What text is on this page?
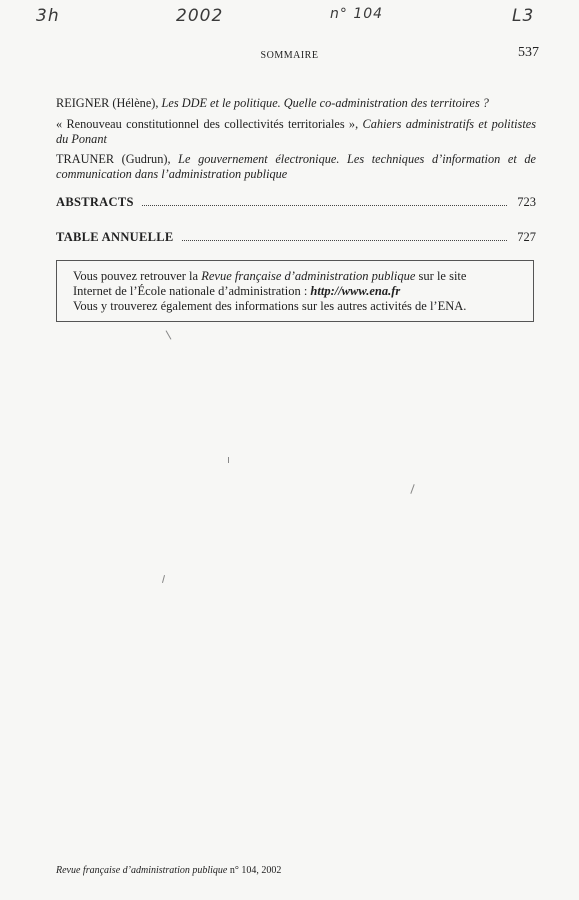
3h	2002	n° 104	L3
SOMMAIRE	537
REIGNER (Hélène), Les DDE et le politique. Quelle co-administration des territoires ?
« Renouveau constitutionnel des collectivités territoriales », Cahiers administratifs et politistes du Ponant
TRAUNER (Gudrun), Le gouvernement électronique. Les techniques d’information et de communication dans l’administration publique
ABSTRACTS	723
TABLE ANNUELLE	727
Vous pouvez retrouver la Revue française d’administration publique sur le site
Internet de l’École nationale d’administration : http://www.ena.fr
Vous y trouverez également des informations sur les autres activités de l’ENA.
Revue française d’administration publique n° 104, 2002
